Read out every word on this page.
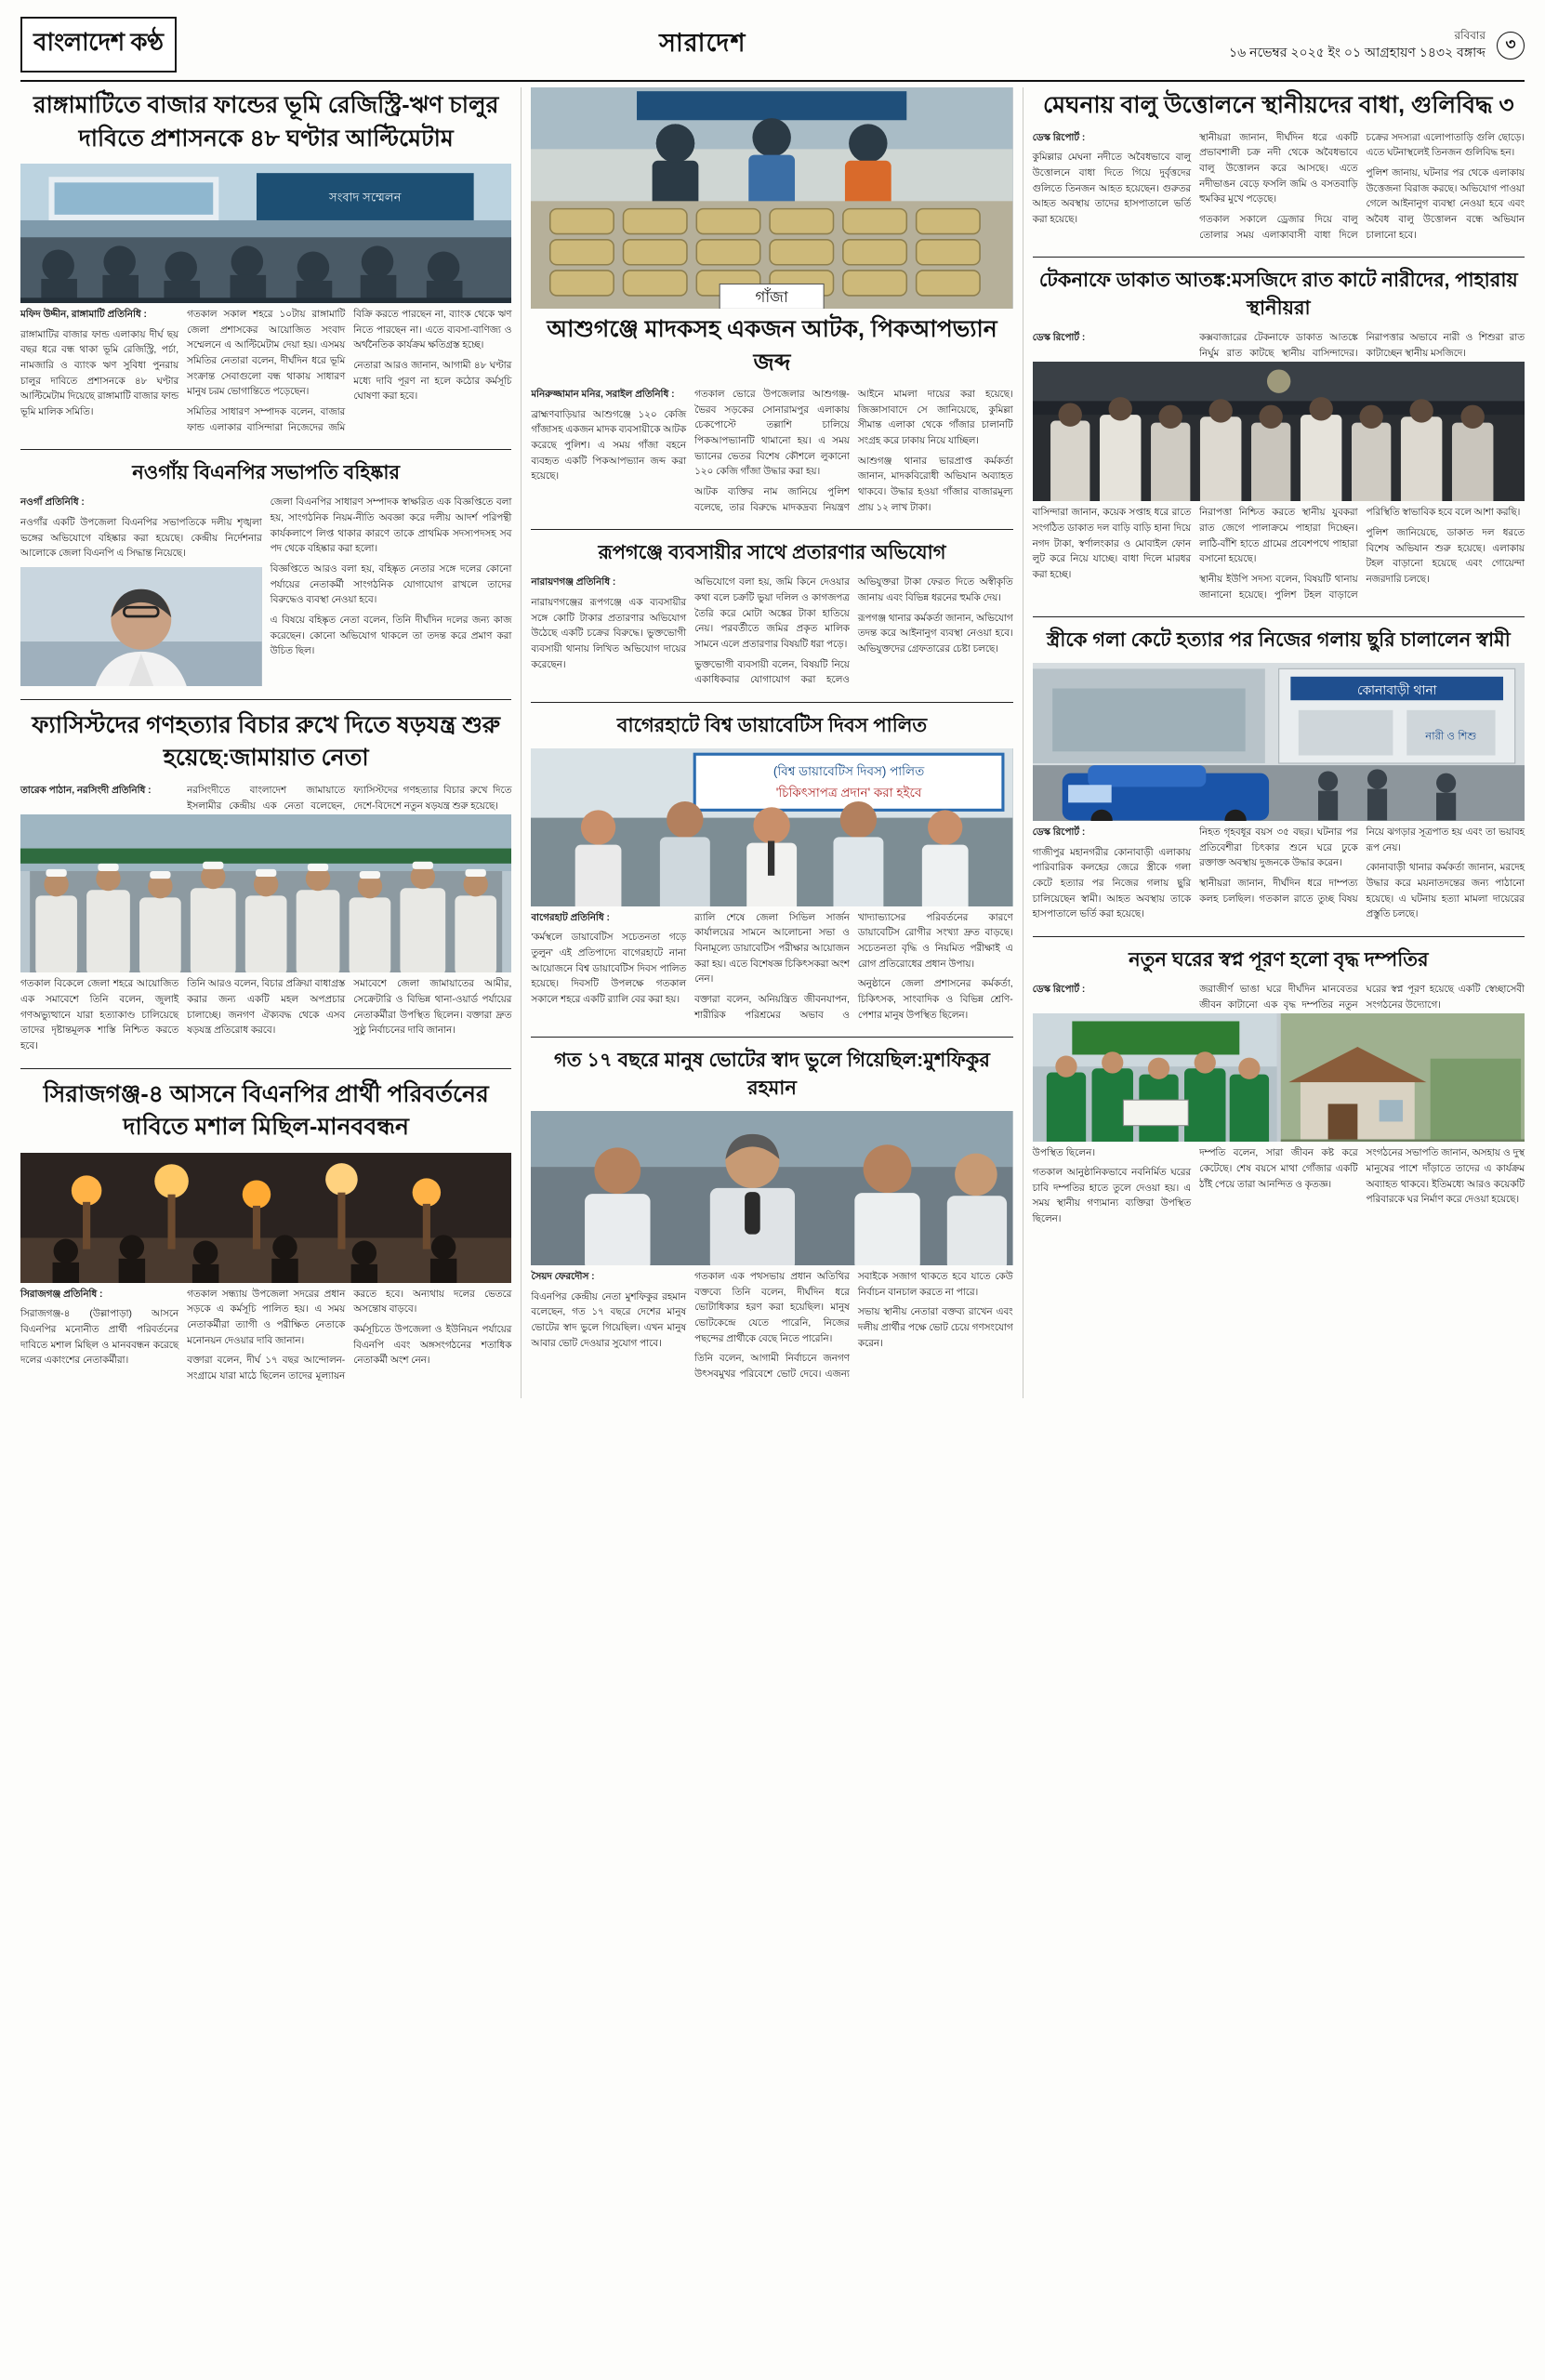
বাংলাদেশ কণ্ঠ	সারাদেশ	রবিবার
১৬ নভেম্বর ২০২৫ ইং ০১ আগ্রহায়ণ ১৪৩২ বঙ্গাব্দ	৩
রাঙ্গামাটিতে বাজার ফান্ডের ভূমি রেজিস্ট্রি-ঋণ চালুর দাবিতে প্রশাসনকে ৪৮ ঘণ্টার আল্টিমেটাম
সংবাদ সম্মেলন

মফিদ উদ্দীন, রাঙ্গামাটি প্রতিনিধি :

রাঙ্গামাটির বাজার ফান্ড এলাকায় দীর্ঘ ছয় বছর ধরে বন্ধ থাকা ভূমি রেজিস্ট্রি, পর্চা, নামজারি ও ব্যাংক ঋণ সুবিধা পুনরায় চালুর দাবিতে প্রশাসনকে ৪৮ ঘণ্টার আল্টিমেটাম দিয়েছে রাঙ্গামাটি বাজার ফান্ড ভূমি মালিক সমিতি।

গতকাল সকাল শহরে ১০টায় রাঙ্গামাটি জেলা প্রশাসকের আয়োজিত সংবাদ সম্মেলনে এ আল্টিমেটাম দেয়া হয়। এসময় সমিতির নেতারা বলেন, দীর্ঘদিন ধরে ভূমি সংক্রান্ত সেবাগুলো বন্ধ থাকায় সাধারণ মানুষ চরম ভোগান্তিতে পড়েছেন।

সমিতির সাধারণ সম্পাদক বলেন, বাজার ফান্ড এলাকার বাসিন্দারা নিজেদের জমি বিক্রি করতে পারছেন না, ব্যাংক থেকে ঋণ নিতে পারছেন না। এতে ব্যবসা-বাণিজ্য ও অর্থনৈতিক কার্যক্রম ক্ষতিগ্রস্ত হচ্ছে।

নেতারা আরও জানান, আগামী ৪৮ ঘণ্টার মধ্যে দাবি পূরণ না হলে কঠোর কর্মসূচি ঘোষণা করা হবে।

নওগাঁয় বিএনপির সভাপতি বহিষ্কার

নওগাঁ প্রতিনিধি :

নওগাঁর একটি উপজেলা বিএনপির সভাপতিকে দলীয় শৃঙ্খলা ভঙ্গের অভিযোগে বহিষ্কার করা হয়েছে। কেন্দ্রীয় নির্দেশনার আলোকে জেলা বিএনপি এ সিদ্ধান্ত নিয়েছে।

জেলা বিএনপির সাধারণ সম্পাদক স্বাক্ষরিত এক বিজ্ঞপ্তিতে বলা হয়, সাংগঠনিক নিয়ম-নীতি অবজ্ঞা করে দলীয় আদর্শ পরিপন্থী কার্যকলাপে লিপ্ত থাকার কারণে তাকে প্রাথমিক সদস্যপদসহ সব পদ থেকে বহিষ্কার করা হলো।

বিজ্ঞপ্তিতে আরও বলা হয়, বহিষ্কৃত নেতার সঙ্গে দলের কোনো পর্যায়ের নেতাকর্মী সাংগঠনিক যোগাযোগ রাখলে তাদের বিরুদ্ধেও ব্যবস্থা নেওয়া হবে।

এ বিষয়ে বহিষ্কৃত নেতা বলেন, তিনি দীর্ঘদিন দলের জন্য কাজ করেছেন। কোনো অভিযোগ থাকলে তা তদন্ত করে প্রমাণ করা উচিত ছিল।

ফ্যাসিস্টদের গণহত্যার বিচার রুখে দিতে ষড়যন্ত্র শুরু হয়েছে:জামায়াত নেতা

তারেক পাঠান, নরসিংদী প্রতিনিধি :	নরসিংদীতে বাংলাদেশ জামায়াতে ইসলামীর কেন্দ্রীয় এক নেতা বলেছেন, ফ্যাসিস্টদের গণহত্যার বিচার রুখে দিতে দেশে-বিদেশে নতুন ষড়যন্ত্র শুরু হয়েছে।

গতকাল বিকেলে জেলা শহরে আয়োজিত এক সমাবেশে তিনি বলেন, জুলাই গণঅভ্যুত্থানে যারা হত্যাকাণ্ড চালিয়েছে তাদের দৃষ্টান্তমূলক শাস্তি নিশ্চিত করতে হবে।

তিনি আরও বলেন, বিচার প্রক্রিয়া বাধাগ্রস্ত করার জন্য একটি মহল অপপ্রচার চালাচ্ছে। জনগণ ঐক্যবদ্ধ থেকে এসব ষড়যন্ত্র প্রতিরোধ করবে।

সমাবেশে জেলা জামায়াতের আমীর, সেক্রেটারি ও বিভিন্ন থানা-ওয়ার্ড পর্যায়ের নেতাকর্মীরা উপস্থিত ছিলেন। বক্তারা দ্রুত সুষ্ঠু নির্বাচনের দাবি জানান।

সিরাজগঞ্জ-৪ আসনে বিএনপির প্রার্থী পরিবর্তনের দাবিতে মশাল মিছিল-মানববন্ধন

সিরাজগঞ্জ প্রতিনিধি :

সিরাজগঞ্জ-৪ (উল্লাপাড়া) আসনে বিএনপির মনোনীত প্রার্থী পরিবর্তনের দাবিতে মশাল মিছিল ও মানববন্ধন করেছে দলের একাংশের নেতাকর্মীরা।

গতকাল সন্ধ্যায় উপজেলা সদরের প্রধান সড়কে এ কর্মসূচি পালিত হয়। এ সময় নেতাকর্মীরা ত্যাগী ও পরীক্ষিত নেতাকে মনোনয়ন দেওয়ার দাবি জানান।

বক্তারা বলেন, দীর্ঘ ১৭ বছর আন্দোলন-সংগ্রামে যারা মাঠে ছিলেন তাদের মূল্যায়ন করতে হবে। অন্যথায় দলের ভেতরে অসন্তোষ বাড়বে।

কর্মসূচিতে উপজেলা ও ইউনিয়ন পর্যায়ের বিএনপি এবং অঙ্গসংগঠনের শতাধিক নেতাকর্মী অংশ নেন।

গাঁজা
আশুগঞ্জে মাদকসহ একজন আটক, পিকআপভ্যান জব্দ

মনিরুজ্জামান মনির, সরাইল প্রতিনিধি :

ব্রাহ্মণবাড়িয়ার আশুগঞ্জে ১২০ কেজি গাঁজাসহ একজন মাদক ব্যবসায়ীকে আটক করেছে পুলিশ। এ সময় গাঁজা বহনে ব্যবহৃত একটি পিকআপভ্যান জব্দ করা হয়েছে।

গতকাল ভোরে উপজেলার আশুগঞ্জ-ভৈরব সড়কের সোনারামপুর এলাকায় চেকপোস্টে তল্লাশি চালিয়ে পিকআপভ্যানটি থামানো হয়। এ সময় ভ্যানের ভেতর বিশেষ কৌশলে লুকানো ১২০ কেজি গাঁজা উদ্ধার করা হয়।

আটক ব্যক্তির নাম জানিয়ে পুলিশ বলেছে, তার বিরুদ্ধে মাদকদ্রব্য নিয়ন্ত্রণ আইনে মামলা দায়ের করা হয়েছে। জিজ্ঞাসাবাদে সে জানিয়েছে, কুমিল্লা সীমান্ত এলাকা থেকে গাঁজার চালানটি সংগ্রহ করে ঢাকায় নিয়ে যাচ্ছিল।

আশুগঞ্জ থানার ভারপ্রাপ্ত কর্মকর্তা জানান, মাদকবিরোধী অভিযান অব্যাহত থাকবে। উদ্ধার হওয়া গাঁজার বাজারমূল্য প্রায় ১২ লাখ টাকা।

রূপগঞ্জে ব্যবসায়ীর সাথে প্রতারণার অভিযোগ

নারায়ণগঞ্জ প্রতিনিধি :

নারায়ণগঞ্জের রূপগঞ্জে এক ব্যবসায়ীর সঙ্গে কোটি টাকার প্রতারণার অভিযোগ উঠেছে একটি চক্রের বিরুদ্ধে। ভুক্তভোগী ব্যবসায়ী থানায় লিখিত অভিযোগ দায়ের করেছেন।

অভিযোগে বলা হয়, জমি কিনে দেওয়ার কথা বলে চক্রটি ভুয়া দলিল ও কাগজপত্র তৈরি করে মোটা অঙ্কের টাকা হাতিয়ে নেয়। পরবর্তীতে জমির প্রকৃত মালিক সামনে এলে প্রতারণার বিষয়টি ধরা পড়ে।

ভুক্তভোগী ব্যবসায়ী বলেন, বিষয়টি নিয়ে একাধিকবার যোগাযোগ করা হলেও অভিযুক্তরা টাকা ফেরত দিতে অস্বীকৃতি জানায় এবং বিভিন্ন ধরনের হুমকি দেয়।

রূপগঞ্জ থানার কর্মকর্তা জানান, অভিযোগ তদন্ত করে আইনানুগ ব্যবস্থা নেওয়া হবে। অভিযুক্তদের গ্রেফতারের চেষ্টা চলছে।

বাগেরহাটে বিশ্ব ডায়াবেটিস দিবস পালিত
(বিশ্ব ডায়াবেটিস দিবস) পালিত
'চিকিৎসাপত্র প্রদান' করা হইবে

বাগেরহাট প্রতিনিধি :

'কর্মস্থলে ডায়াবেটিস সচেতনতা গড়ে তুলুন' এই প্রতিপাদ্যে বাগেরহাটে নানা আয়োজনে বিশ্ব ডায়াবেটিস দিবস পালিত হয়েছে। দিবসটি উপলক্ষে গতকাল সকালে শহরে একটি র‌্যালি বের করা হয়।

র‌্যালি শেষে জেলা সিভিল সার্জন কার্যালয়ের সামনে আলোচনা সভা ও বিনামূল্যে ডায়াবেটিস পরীক্ষার আয়োজন করা হয়। এতে বিশেষজ্ঞ চিকিৎসকরা অংশ নেন।

বক্তারা বলেন, অনিয়ন্ত্রিত জীবনযাপন, শারীরিক পরিশ্রমের অভাব ও খাদ্যাভ্যাসের পরিবর্তনের কারণে ডায়াবেটিস রোগীর সংখ্যা দ্রুত বাড়ছে। সচেতনতা বৃদ্ধি ও নিয়মিত পরীক্ষাই এ রোগ প্রতিরোধের প্রধান উপায়।

অনুষ্ঠানে জেলা প্রশাসনের কর্মকর্তা, চিকিৎসক, সাংবাদিক ও বিভিন্ন শ্রেণি-পেশার মানুষ উপস্থিত ছিলেন।

গত ১৭ বছরে মানুষ ভোটের স্বাদ ভুলে গিয়েছিল:মুশফিকুর রহমান

সৈয়দ ফেরদৌস :

বিএনপির কেন্দ্রীয় নেতা মুশফিকুর রহমান বলেছেন, গত ১৭ বছরে দেশের মানুষ ভোটের স্বাদ ভুলে গিয়েছিল। এখন মানুষ আবার ভোট দেওয়ার সুযোগ পাবে।

গতকাল এক পথসভায় প্রধান অতিথির বক্তব্যে তিনি বলেন, দীর্ঘদিন ধরে ভোটাধিকার হরণ করা হয়েছিল। মানুষ ভোটকেন্দ্রে যেতে পারেনি, নিজের পছন্দের প্রার্থীকে বেছে নিতে পারেনি।

তিনি বলেন, আগামী নির্বাচনে জনগণ উৎসবমুখর পরিবেশে ভোট দেবে। এজন্য সবাইকে সজাগ থাকতে হবে যাতে কেউ নির্বাচন বানচাল করতে না পারে।

সভায় স্থানীয় নেতারা বক্তব্য রাখেন এবং দলীয় প্রার্থীর পক্ষে ভোট চেয়ে গণসংযোগ করেন।

মেঘনায় বালু উত্তোলনে স্থানীয়দের বাধা, গুলিবিদ্ধ ৩

ডেস্ক রিপোর্ট :

কুমিল্লার মেঘনা নদীতে অবৈধভাবে বালু উত্তোলনে বাধা দিতে গিয়ে দুর্বৃত্তদের গুলিতে তিনজন আহত হয়েছেন। গুরুতর আহত অবস্থায় তাদের হাসপাতালে ভর্তি করা হয়েছে।

স্থানীয়রা জানান, দীর্ঘদিন ধরে একটি প্রভাবশালী চক্র নদী থেকে অবৈধভাবে বালু উত্তোলন করে আসছে। এতে নদীভাঙন বেড়ে ফসলি জমি ও বসতবাড়ি হুমকির মুখে পড়েছে।

গতকাল সকালে ড্রেজার দিয়ে বালু তোলার সময় এলাকাবাসী বাধা দিলে চক্রের সদস্যরা এলোপাতাড়ি গুলি ছোড়ে। এতে ঘটনাস্থলেই তিনজন গুলিবিদ্ধ হন।

পুলিশ জানায়, ঘটনার পর থেকে এলাকায় উত্তেজনা বিরাজ করছে। অভিযোগ পাওয়া গেলে আইনানুগ ব্যবস্থা নেওয়া হবে এবং অবৈধ বালু উত্তোলন বন্ধে অভিযান চালানো হবে।

টেকনাফে ডাকাত আতঙ্ক:মসজিদে রাত কাটে নারীদের, পাহারায় স্থানীয়রা

ডেস্ক রিপোর্ট :	কক্সবাজারের টেকনাফে ডাকাত আতঙ্কে নির্ঘুম রাত কাটছে স্থানীয় বাসিন্দাদের। নিরাপত্তার অভাবে নারী ও শিশুরা রাত কাটাচ্ছেন স্থানীয় মসজিদে।

বাসিন্দারা জানান, কয়েক সপ্তাহ ধরে রাতে সংগঠিত ডাকাত দল বাড়ি বাড়ি হানা দিয়ে নগদ টাকা, স্বর্ণালংকার ও মোবাইল ফোন লুট করে নিয়ে যাচ্ছে। বাধা দিলে মারধর করা হচ্ছে।

নিরাপত্তা নিশ্চিত করতে স্থানীয় যুবকরা রাত জেগে পালাক্রমে পাহারা দিচ্ছেন। লাঠি-বাঁশি হাতে গ্রামের প্রবেশপথে পাহারা বসানো হয়েছে।

স্থানীয় ইউপি সদস্য বলেন, বিষয়টি থানায় জানানো হয়েছে। পুলিশ টহল বাড়ালে পরিস্থিতি স্বাভাবিক হবে বলে আশা করছি।

পুলিশ জানিয়েছে, ডাকাত দল ধরতে বিশেষ অভিযান শুরু হয়েছে। এলাকায় টহল বাড়ানো হয়েছে এবং গোয়েন্দা নজরদারি চলছে।

স্ত্রীকে গলা কেটে হত্যার পর নিজের গলায় ছুরি চালালেন স্বামী
কোনাবাড়ী থানা
নারী ও শিশু

ডেস্ক রিপোর্ট :

গাজীপুর মহানগরীর কোনাবাড়ী এলাকায় পারিবারিক কলহের জেরে স্ত্রীকে গলা কেটে হত্যার পর নিজের গলায় ছুরি চালিয়েছেন স্বামী। আহত অবস্থায় তাকে হাসপাতালে ভর্তি করা হয়েছে।

নিহত গৃহবধূর বয়স ৩৫ বছর। ঘটনার পর প্রতিবেশীরা চিৎকার শুনে ঘরে ঢুকে রক্তাক্ত অবস্থায় দুজনকে উদ্ধার করেন।

স্থানীয়রা জানান, দীর্ঘদিন ধরে দাম্পত্য কলহ চলছিল। গতকাল রাতে তুচ্ছ বিষয় নিয়ে ঝগড়ার সূত্রপাত হয় এবং তা ভয়াবহ রূপ নেয়।

কোনাবাড়ী থানার কর্মকর্তা জানান, মরদেহ উদ্ধার করে ময়নাতদন্তের জন্য পাঠানো হয়েছে। এ ঘটনায় হত্যা মামলা দায়েরের প্রস্তুতি চলছে।

নতুন ঘরের স্বপ্ন পূরণ হলো বৃদ্ধ দম্পতির

ডেস্ক রিপোর্ট :	জরাজীর্ণ ভাঙা ঘরে দীর্ঘদিন মানবেতর জীবন কাটানো এক বৃদ্ধ দম্পতির নতুন ঘরের স্বপ্ন পূরণ হয়েছে একটি স্বেচ্ছাসেবী সংগঠনের উদ্যোগে।

উপস্থিত ছিলেন।

গতকাল আনুষ্ঠানিকভাবে নবনির্মিত ঘরের চাবি দম্পতির হাতে তুলে দেওয়া হয়। এ সময় স্থানীয় গণ্যমান্য ব্যক্তিরা উপস্থিত ছিলেন।

দম্পতি বলেন, সারা জীবন কষ্ট করে কেটেছে। শেষ বয়সে মাথা গোঁজার একটি ঠাঁই পেয়ে তারা আনন্দিত ও কৃতজ্ঞ।

সংগঠনের সভাপতি জানান, অসহায় ও দুস্থ মানুষের পাশে দাঁড়াতে তাদের এ কার্যক্রম অব্যাহত থাকবে। ইতিমধ্যে আরও কয়েকটি পরিবারকে ঘর নির্মাণ করে দেওয়া হয়েছে।
